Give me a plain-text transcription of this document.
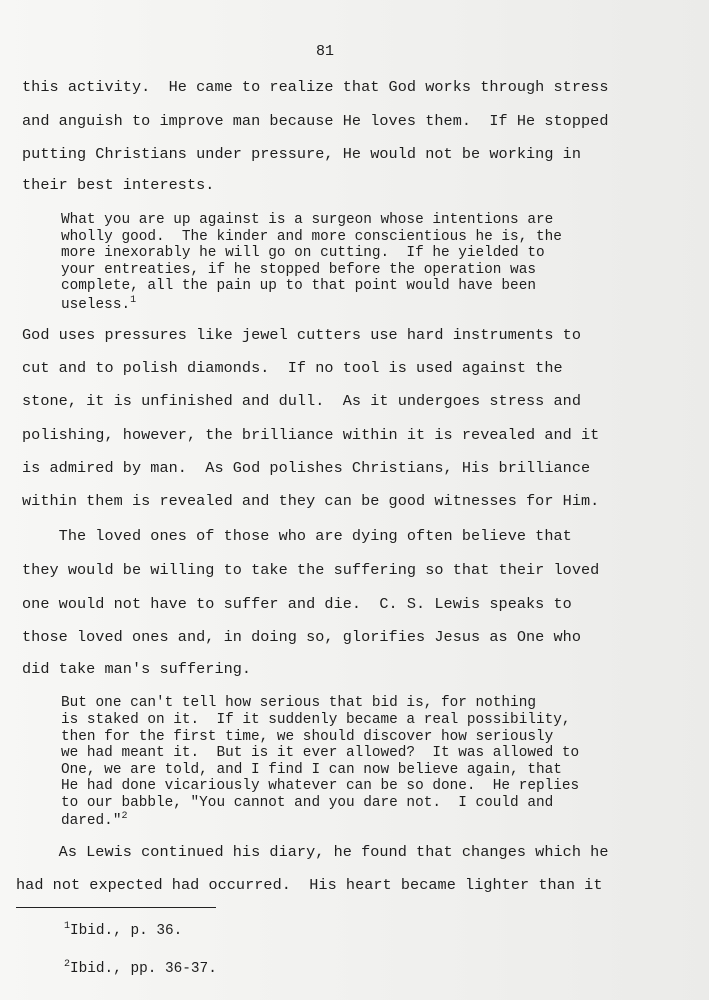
81
this activity.  He came to realize that God works through stress
and anguish to improve man because He loves them.  If He stopped
putting Christians under pressure, He would not be working in
their best interests.
What you are up against is a surgeon whose intentions are
wholly good.  The kinder and more conscientious he is, the
more inexorably he will go on cutting.  If he yielded to
your entreaties, if he stopped before the operation was
complete, all the pain up to that point would have been
useless.$^1$
God uses pressures like jewel cutters use hard instruments to
cut and to polish diamonds.  If no tool is used against the
stone, it is unfinished and dull.  As it undergoes stress and
polishing, however, the brilliance within it is revealed and it
is admired by man.  As God polishes Christians, His brilliance
within them is revealed and they can be good witnesses for Him.
The loved ones of those who are dying often believe that
they would be willing to take the suffering so that their loved
one would not have to suffer and die.  C. S. Lewis speaks to
those loved ones and, in doing so, glorifies Jesus as One who
did take man's suffering.
But one can't tell how serious that bid is, for nothing
is staked on it.  If it suddenly became a real possibility,
then for the first time, we should discover how seriously
we had meant it.  But is it ever allowed?  It was allowed to
One, we are told, and I find I can now believe again, that
He had done vicariously whatever can be so done.  He replies
to our babble, "You cannot and you dare not.  I could and
dared."$^2$
As Lewis continued his diary, he found that changes which he
had not expected had occurred.  His heart became lighter than it
$^1$Ibid., p. 36.
$^2$Ibid., pp. 36-37.
